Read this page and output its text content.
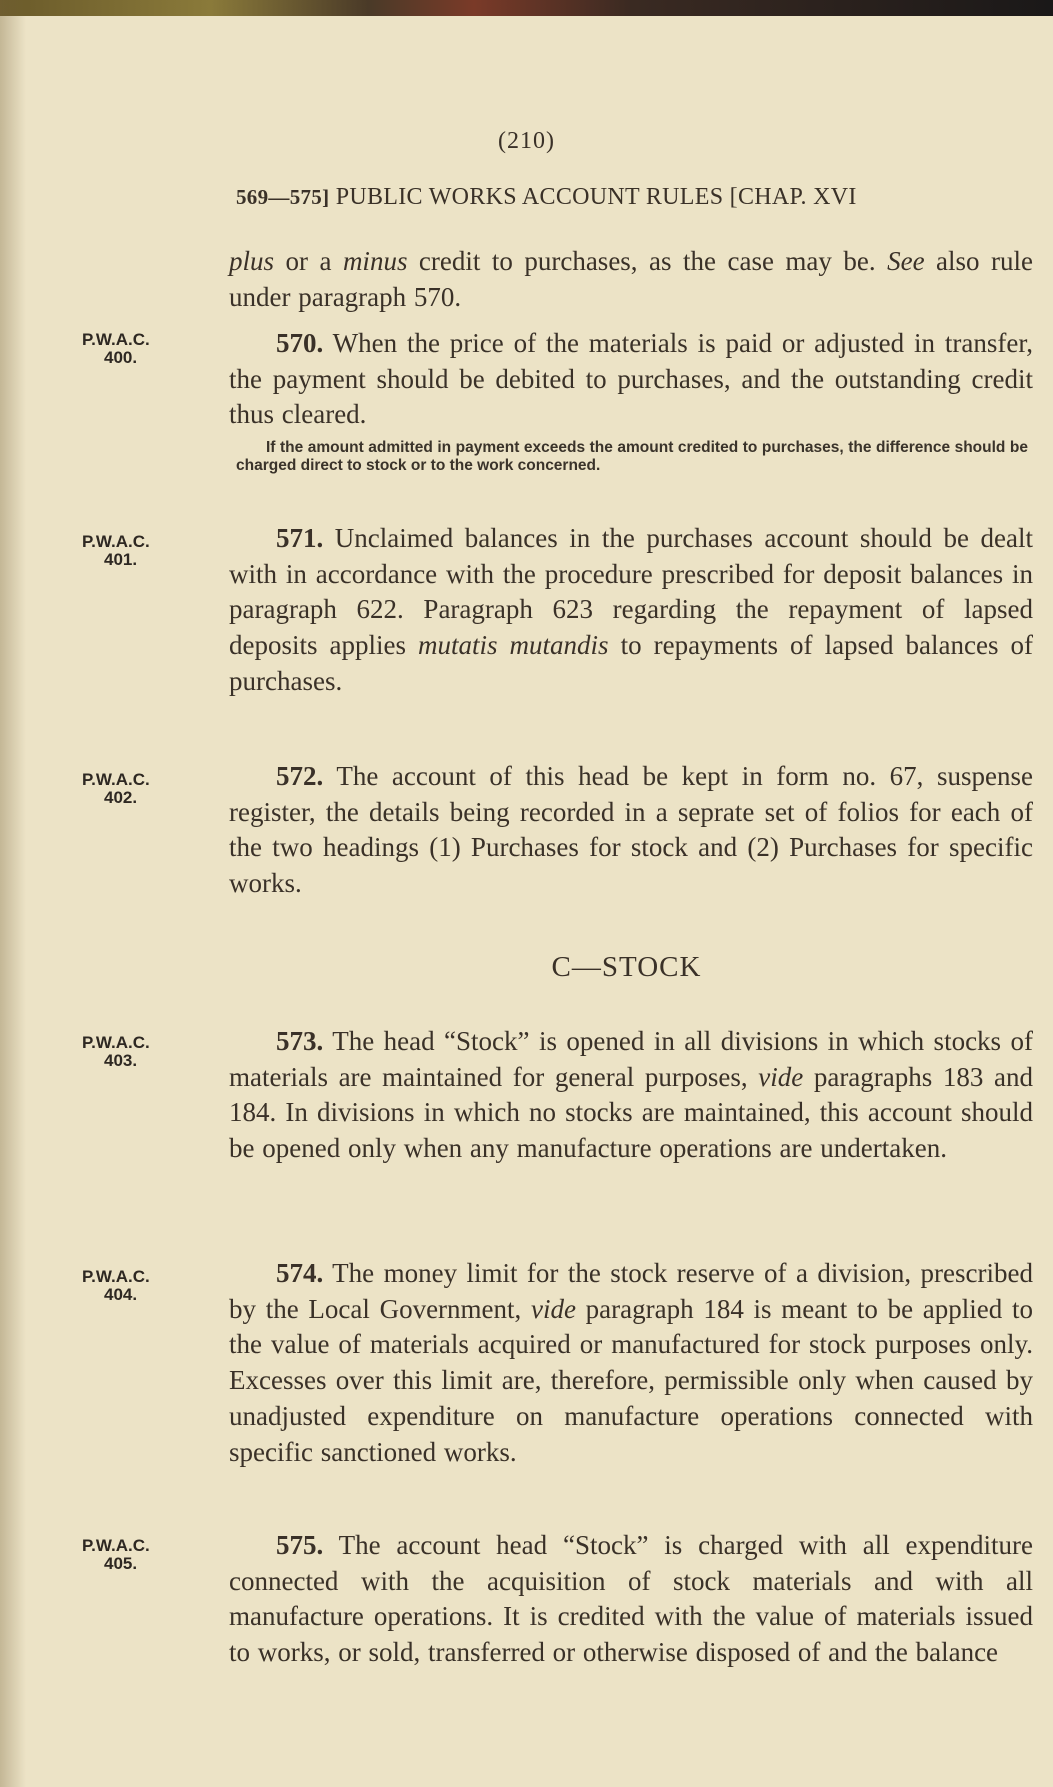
(210)
569—575] PUBLIC WORKS ACCOUNT RULES [CHAP. XVI
plus or a minus credit to purchases, as the case may be. See also rule under paragraph 570.
P.W.A.C.
400.	570. When the price of the materials is paid or adjusted in transfer, the payment should be debited to purchases, and the outstanding credit thus cleared.
If the amount admitted in payment exceeds the amount credited to purchases, the difference should be charged direct to stock or to the work concerned.
P.W.A.C.
401.
571. Unclaimed balances in the purchases account should be dealt with in accordance with the procedure prescribed for deposit balances in paragraph 622. Paragraph 623 regarding the repayment of lapsed deposits applies mutatis mutandis to repayments of lapsed balances of purchases.
P.W.A.C.
402.
572. The account of this head be kept in form no. 67, suspense register, the details being recorded in a seprate set of folios for each of the two headings (1) Purchases for stock and (2) Purchases for specific works.
C—STOCK
P.W.A.C.
403.
573. The head “Stock” is opened in all divisions in which stocks of materials are maintained for general purposes, vide paragraphs 183 and 184. In divisions in which no stocks are maintained, this account should be opened only when any manufacture operations are undertaken.
P.W.A.C.
404.
574. The money limit for the stock reserve of a division, prescribed by the Local Government, vide paragraph 184 is meant to be applied to the value of materials acquired or manufactured for stock purposes only. Excesses over this limit are, therefore, permissible only when caused by unadjusted expenditure on manufacture operations connected with specific sanctioned works.
P.W.A.C.
405.
575. The account head “Stock” is charged with all expenditure connected with the acquisition of stock materials and with all manufacture operations. It is credited with the value of materials issued to works, or sold, transferred or otherwise disposed of and the balance
